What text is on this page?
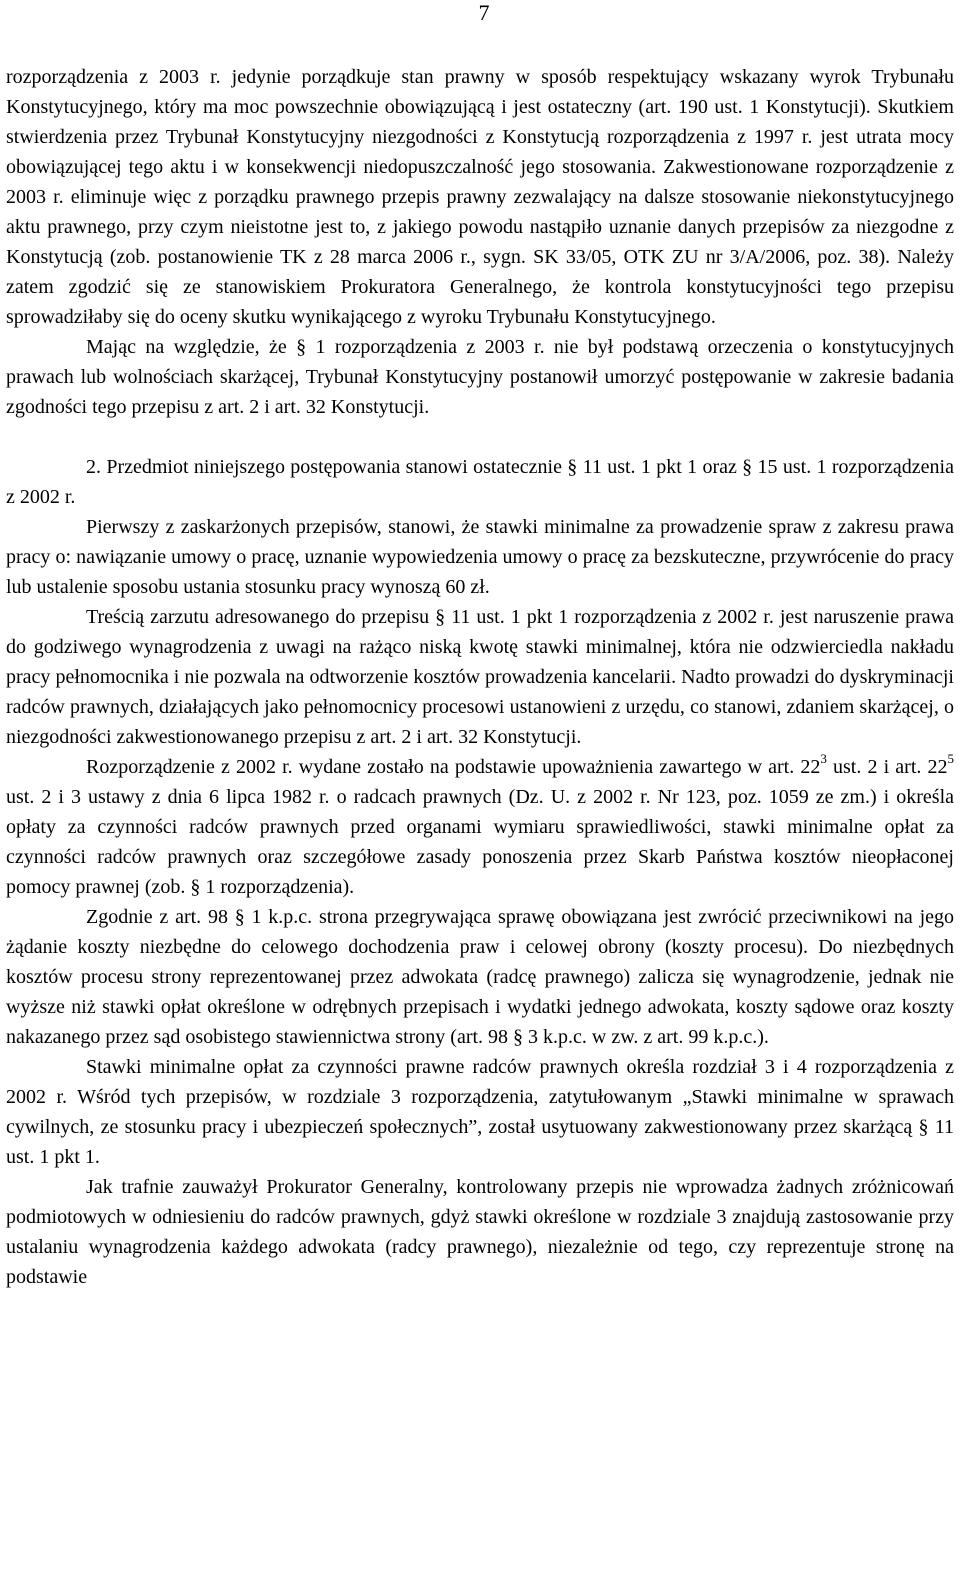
7

rozporządzenia z 2003 r. jedynie porządkuje stan prawny w sposób respektujący wskazany wyrok Trybunału Konstytucyjnego, który ma moc powszechnie obowiązującą i jest ostateczny (art. 190 ust. 1 Konstytucji). Skutkiem stwierdzenia przez Trybunał Konstytucyjny niezgodności z Konstytucją rozporządzenia z 1997 r. jest utrata mocy obowiązującej tego aktu i w konsekwencji niedopuszczalność jego stosowania. Zakwestionowane rozporządzenie z 2003 r. eliminuje więc z porządku prawnego przepis prawny zezwalający na dalsze stosowanie niekonstytucyjnego aktu prawnego, przy czym nieistotne jest to, z jakiego powodu nastąpiło uznanie danych przepisów za niezgodne z Konstytucją (zob. postanowienie TK z 28 marca 2006 r., sygn. SK 33/05, OTK ZU nr 3/A/2006, poz. 38). Należy zatem zgodzić się ze stanowiskiem Prokuratora Generalnego, że kontrola konstytucyjności tego przepisu sprowadziłaby się do oceny skutku wynikającego z wyroku Trybunału Konstytucyjnego.

Mając na względzie, że § 1 rozporządzenia z 2003 r. nie był podstawą orzeczenia o konstytucyjnych prawach lub wolnościach skarżącej, Trybunał Konstytucyjny postanowił umorzyć postępowanie w zakresie badania zgodności tego przepisu z art. 2 i art. 32 Konstytucji.

2. Przedmiot niniejszego postępowania stanowi ostatecznie § 11 ust. 1 pkt 1 oraz § 15 ust. 1 rozporządzenia z 2002 r.

Pierwszy z zaskarżonych przepisów, stanowi, że stawki minimalne za prowadzenie spraw z zakresu prawa pracy o: nawiązanie umowy o pracę, uznanie wypowiedzenia umowy o pracę za bezskuteczne, przywrócenie do pracy lub ustalenie sposobu ustania stosunku pracy wynoszą 60 zł.

Treścią zarzutu adresowanego do przepisu § 11 ust. 1 pkt 1 rozporządzenia z 2002 r. jest naruszenie prawa do godziwego wynagrodzenia z uwagi na rażąco niską kwotę stawki minimalnej, która nie odzwierciedla nakładu pracy pełnomocnika i nie pozwala na odtworzenie kosztów prowadzenia kancelarii. Nadto prowadzi do dyskryminacji radców prawnych, działających jako pełnomocnicy procesowi ustanowieni z urzędu, co stanowi, zdaniem skarżącej, o niezgodności zakwestionowanego przepisu z art. 2 i art. 32 Konstytucji.

Rozporządzenie z 2002 r. wydane zostało na podstawie upoważnienia zawartego w art. $22^3$ ust. 2 i art. $22^5$ ust. 2 i 3 ustawy z dnia 6 lipca 1982 r. o radcach prawnych (Dz. U. z 2002 r. Nr 123, poz. 1059 ze zm.) i określa opłaty za czynności radców prawnych przed organami wymiaru sprawiedliwości, stawki minimalne opłat za czynności radców prawnych oraz szczegółowe zasady ponoszenia przez Skarb Państwa kosztów nieopłaconej pomocy prawnej (zob. § 1 rozporządzenia).

Zgodnie z art. 98 § 1 k.p.c. strona przegrywająca sprawę obowiązana jest zwrócić przeciwnikowi na jego żądanie koszty niezbędne do celowego dochodzenia praw i celowej obrony (koszty procesu). Do niezbędnych kosztów procesu strony reprezentowanej przez adwokata (radcę prawnego) zalicza się wynagrodzenie, jednak nie wyższe niż stawki opłat określone w odrębnych przepisach i wydatki jednego adwokata, koszty sądowe oraz koszty nakazanego przez sąd osobistego stawiennictwa strony (art. 98 § 3 k.p.c. w zw. z art. 99 k.p.c.).

Stawki minimalne opłat za czynności prawne radców prawnych określa rozdział 3 i 4 rozporządzenia z 2002 r. Wśród tych przepisów, w rozdziale 3 rozporządzenia, zatytułowanym „Stawki minimalne w sprawach cywilnych, ze stosunku pracy i ubezpieczeń społecznych”, został usytuowany zakwestionowany przez skarżącą § 11 ust. 1 pkt 1.

Jak trafnie zauważył Prokurator Generalny, kontrolowany przepis nie wprowadza żadnych zróżnicowań podmiotowych w odniesieniu do radców prawnych, gdyż stawki określone w rozdziale 3 znajdują zastosowanie przy ustalaniu wynagrodzenia każdego adwokata (radcy prawnego), niezależnie od tego, czy reprezentuje stronę na podstawie
